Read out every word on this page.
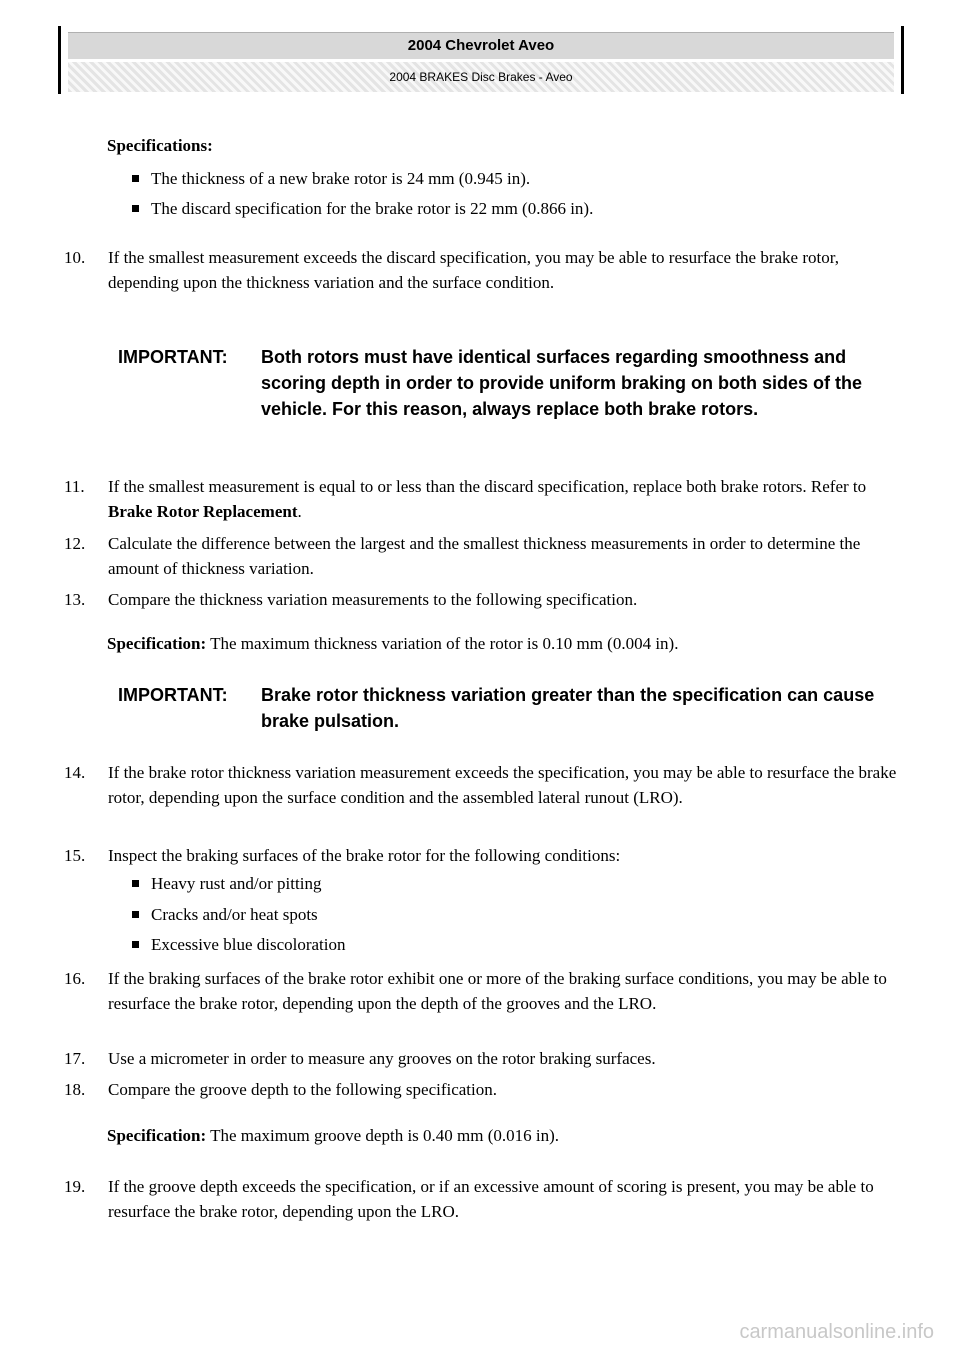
2004 Chevrolet Aveo
2004 BRAKES Disc Brakes - Aveo
Specifications:
The thickness of a new brake rotor is 24 mm (0.945 in).
The discard specification for the brake rotor is 22 mm (0.866 in).
10.	If the smallest measurement exceeds the discard specification, you may be able to resurface the brake rotor, depending upon the thickness variation and the surface condition.
IMPORTANT: Both rotors must have identical surfaces regarding smoothness and scoring depth in order to provide uniform braking on both sides of the vehicle. For this reason, always replace both brake rotors.
11.	If the smallest measurement is equal to or less than the discard specification, replace both brake rotors. Refer to Brake Rotor Replacement.
12.	Calculate the difference between the largest and the smallest thickness measurements in order to determine the amount of thickness variation.
13.	Compare the thickness variation measurements to the following specification.
Specification: The maximum thickness variation of the rotor is 0.10 mm (0.004 in).
IMPORTANT: Brake rotor thickness variation greater than the specification can cause brake pulsation.
14.	If the brake rotor thickness variation measurement exceeds the specification, you may be able to resurface the brake rotor, depending upon the surface condition and the assembled lateral runout (LRO).
15.	Inspect the braking surfaces of the brake rotor for the following conditions:
Heavy rust and/or pitting
Cracks and/or heat spots
Excessive blue discoloration
16.	If the braking surfaces of the brake rotor exhibit one or more of the braking surface conditions, you may be able to resurface the brake rotor, depending upon the depth of the grooves and the LRO.
17.	Use a micrometer in order to measure any grooves on the rotor braking surfaces.
18.	Compare the groove depth to the following specification.
Specification: The maximum groove depth is 0.40 mm (0.016 in).
19.	If the groove depth exceeds the specification, or if an excessive amount of scoring is present, you may be able to resurface the brake rotor, depending upon the LRO.
carmanualsonline.info
